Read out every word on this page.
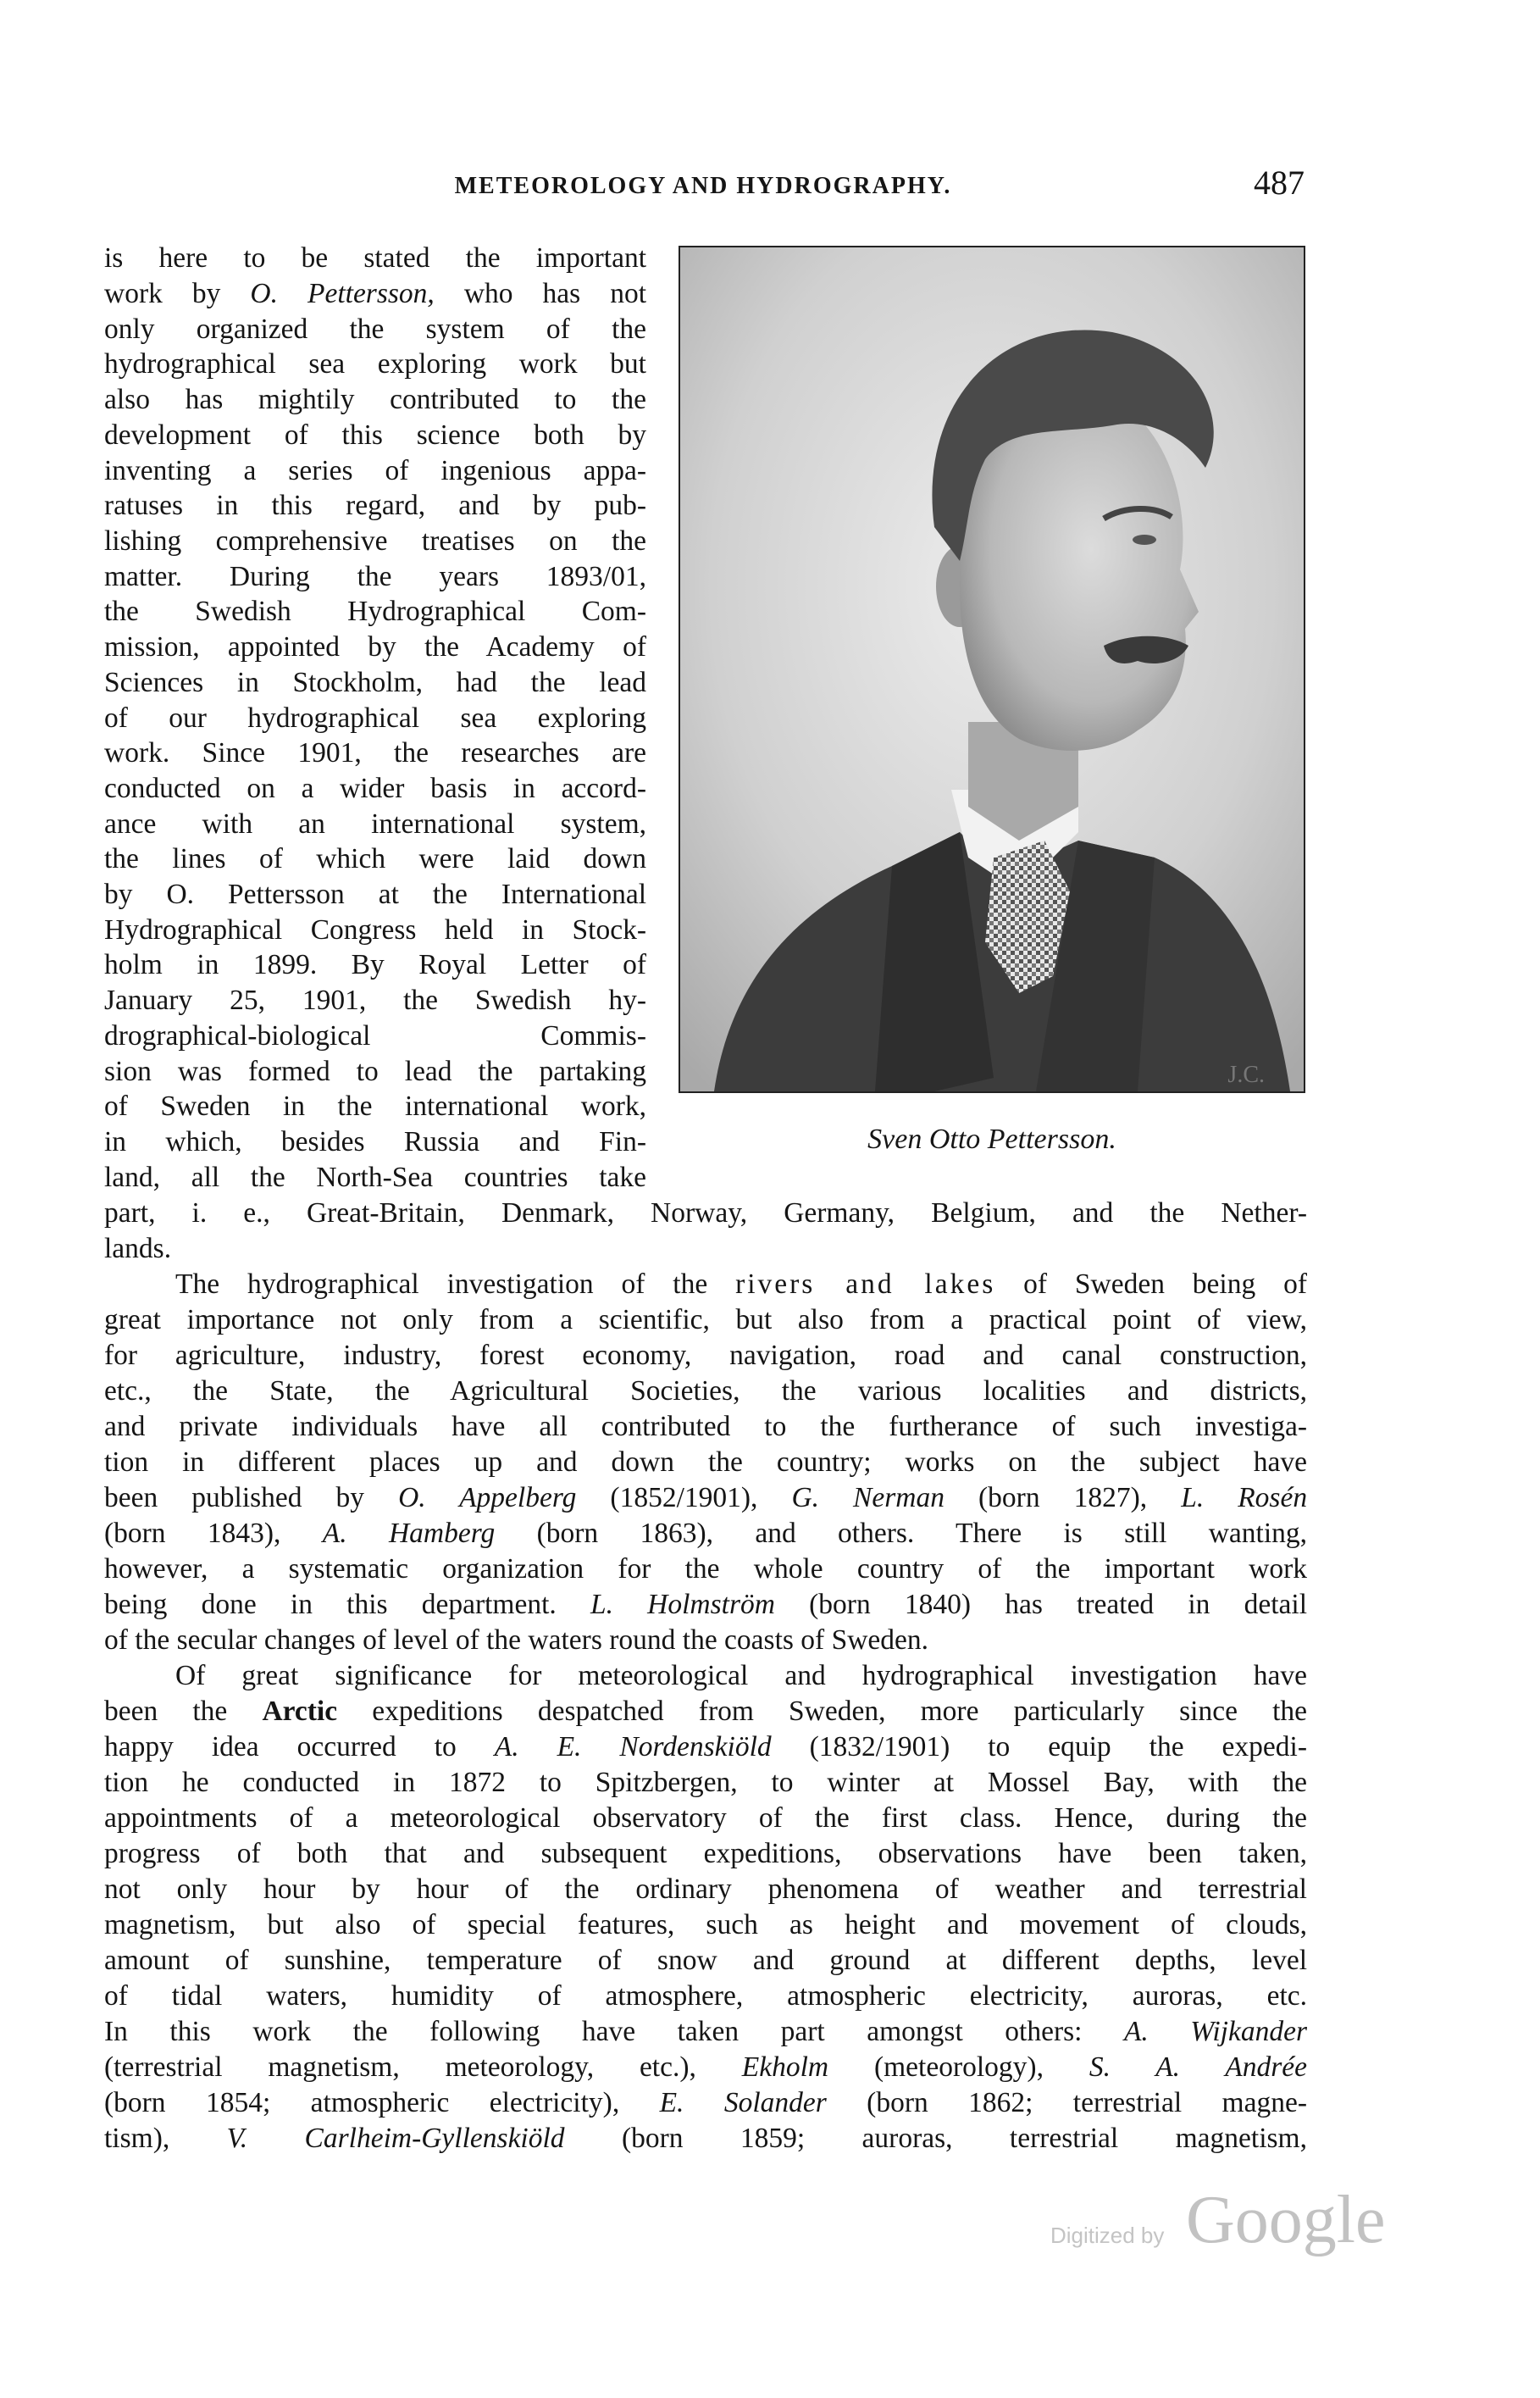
METEOROLOGY AND HYDROGRAPHY.	487
is here to be stated the important
work by O. Pettersson, who has not
only organized the system of the
hydrographical sea exploring work but
also has mightily contributed to the
development of this science both by
inventing a series of ingenious appa-
ratuses in this regard, and by pub-
lishing comprehensive treatises on the
matter. During the years 1893/01,
the Swedish Hydrographical Com-
mission, appointed by the Academy of
Sciences in Stockholm, had the lead
of our hydrographical sea exploring
work. Since 1901, the researches are
conducted on a wider basis in accord-
ance with an international system,
the lines of which were laid down
by O. Pettersson at the International
Hydrographical Congress held in Stock-
holm in 1899. By Royal Letter of
January 25, 1901, the Swedish hy-
drographical-biological Commis-
sion was formed to lead the partaking
of Sweden in the international work,
in which, besides Russia and Fin-
land, all the North-Sea countries take
J.C.
Sven Otto Pettersson.
part, i. e., Great-Britain, Denmark, Norway, Germany, Belgium, and the Nether-
lands.
The hydrographical investigation of the rivers and lakes of Sweden being of
great importance not only from a scientific, but also from a practical point of view,
for agriculture, industry, forest economy, navigation, road and canal construction,
etc., the State, the Agricultural Societies, the various localities and districts,
and private individuals have all contributed to the furtherance of such investiga-
tion in different places up and down the country; works on the subject have
been published by O. Appelberg (1852/1901), G. Nerman (born 1827), L. Rosén
(born 1843), A. Hamberg (born 1863), and others. There is still wanting,
however, a systematic organization for the whole country of the important work
being done in this department. L. Holmström (born 1840) has treated in detail
of the secular changes of level of the waters round the coasts of Sweden.
Of great significance for meteorological and hydrographical investigation have
been the Arctic expeditions despatched from Sweden, more particularly since the
happy idea occurred to A. E. Nordenskiöld (1832/1901) to equip the expedi-
tion he conducted in 1872 to Spitzbergen, to winter at Mossel Bay, with the
appointments of a meteorological observatory of the first class. Hence, during the
progress of both that and subsequent expeditions, observations have been taken,
not only hour by hour of the ordinary phenomena of weather and terrestrial
magnetism, but also of special features, such as height and movement of clouds,
amount of sunshine, temperature of snow and ground at different depths, level
of tidal waters, humidity of atmosphere, atmospheric electricity, auroras, etc.
In this work the following have taken part amongst others: A. Wijkander
(terrestrial magnetism, meteorology, etc.), Ekholm (meteorology), S. A. Andrée
(born 1854; atmospheric electricity), E. Solander (born 1862; terrestrial magne-
tism), V. Carlheim-Gyllenskiöld (born 1859; auroras, terrestrial magnetism,
Digitized by Google
